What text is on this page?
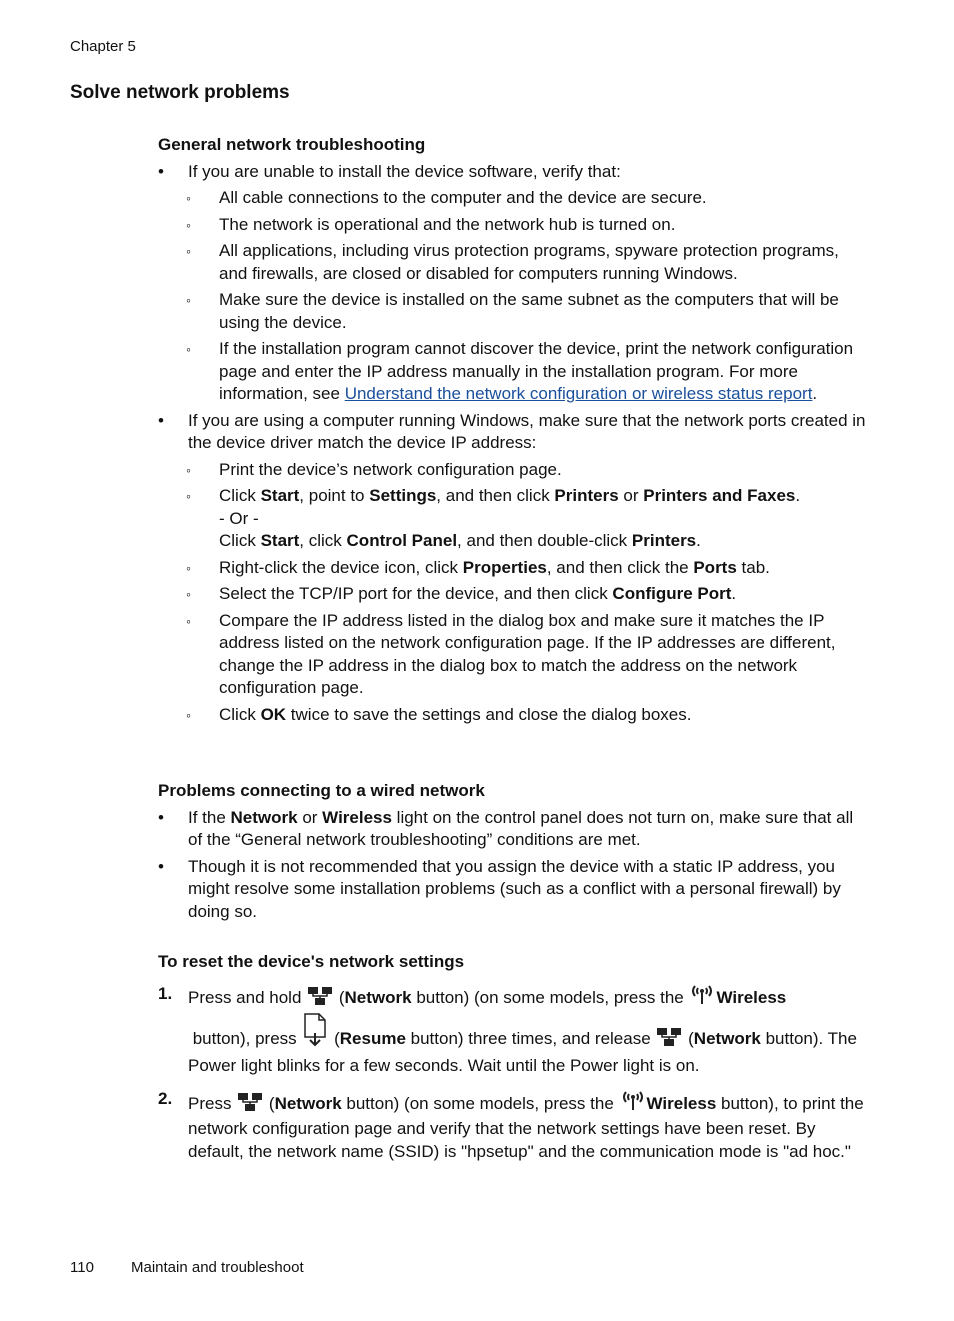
Chapter 5
Solve network problems
General network troubleshooting
• If you are unable to install the device software, verify that:
◦ All cable connections to the computer and the device are secure.
◦ The network is operational and the network hub is turned on.
◦ All applications, including virus protection programs, spyware protection programs, and firewalls, are closed or disabled for computers running Windows.
◦ Make sure the device is installed on the same subnet as the computers that will be using the device.
◦ If the installation program cannot discover the device, print the network configuration page and enter the IP address manually in the installation program. For more information, see Understand the network configuration or wireless status report.
• If you are using a computer running Windows, make sure that the network ports created in the device driver match the device IP address:
◦ Print the device’s network configuration page.
◦ Click Start, point to Settings, and then click Printers or Printers and Faxes.
- Or -
Click Start, click Control Panel, and then double-click Printers.
◦ Right-click the device icon, click Properties, and then click the Ports tab.
◦ Select the TCP/IP port for the device, and then click Configure Port.
◦ Compare the IP address listed in the dialog box and make sure it matches the IP address listed on the network configuration page. If the IP addresses are different, change the IP address in the dialog box to match the address on the network configuration page.
◦ Click OK twice to save the settings and close the dialog boxes.
Problems connecting to a wired network
• If the Network or Wireless light on the control panel does not turn on, make sure that all of the “General network troubleshooting” conditions are met.
• Though it is not recommended that you assign the device with a static IP address, you might resolve some installation problems (such as a conflict with a personal firewall) by doing so.
To reset the device's network settings
1. Press and hold  (Network button) (on some models, press the Wireless
button), press  (Resume button) three times, and release  (Network button). The Power light blinks for a few seconds. Wait until the Power light is on.
2. Press  (Network button) (on some models, press the Wireless button), to print the network configuration page and verify that the network settings have been reset. By default, the network name (SSID) is "hpsetup" and the communication mode is "ad hoc."
110 Maintain and troubleshoot
